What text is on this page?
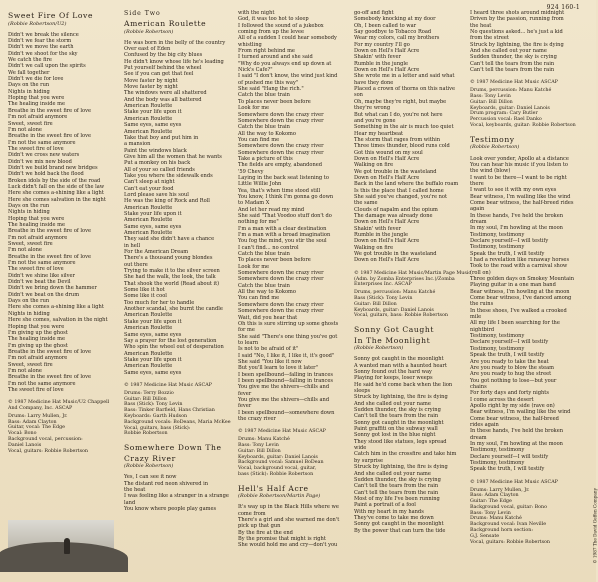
924 160-1
Sweet Fire Of Love
(Robbie Robertson/U2)
Didn't we break the silence
Didn't we fear the storm
Didn't we move the earth
Didn't we shoot for the sky
We catch the fire
Didn't we call upon the spirits
We fall together
Didn't we die for love
Days on the run
Nights in hiding
Hoping that you were
The healing inside me
Breathe in the sweet fire of love
I'm not afraid anymore
Sweet, sweet fire
I'm not alone
Breathe in the sweet fire of love
I'm not the same anymore
The sweet fire of love
Didn't we cross new waters
Didn't we mix new blood
Didn't we build brand new bridges
Didn't we hold back the flood
Broken idols by the side of the road
Luck didn't fall on the side of the law
Here she comes a-shining like a light
Here she comes salvation in the night
Days on the run
Nights in hiding
Hoping that you were
The healing inside me
Breathe in the sweet fire of love
I'm not afraid anymore
Sweet, sweet fire
I'm not alone
Breathe in the sweet fire of love
I'm not the same anymore
The sweet fire of love
Didn't we shine like silver
Didn't we beat the Devil
Didn't we bring down the hammer
Didn't we beat on the drum
Days on the run
Here she comes a-shining like a light
Nights in hiding
Here she comes, salvation in the night
Hoping that you were
I'm giving up the ghost
The healing inside me
I'm giving up the ghost
Breathe in the sweet fire of love
I'm not afraid anymore
Sweet, sweet fire
I'm not alone
Breathe in the sweet fire of love
I'm not the same anymore
The sweet fire of love
© 1987 Medicine Hat Music/U2 Chappell
And Company, Inc. ASCAP
Drums: Larry Mullen, Jr.
Bass: Adam Clayton
Guitar, vocal: The Edge
Vocal: Bono
Background vocal, percussion:
Daniel Lanois
Vocal, guitars: Robbie Robertson
Side Two
American Roulette
(Robbie Robertson)
He was born in the belly of the country
Over east of Eden
Confused by the big city blues
He didn't know whose life he's leading
Put yourself behind the wheel
See if you can get that feel
Move faster by night
Move faster by night
The windows were all shattered
And the body was all battered
American Roulette
Stake your life upon it
American Roulette
Same eyes, same eyes
American Roulette
Take that boy and put him in
a mansion
Paint the windows black
Give him all the women that he wants
Put a monkey on his back
All of your so called friends
Take you where the sidewalk ends
Can't sleep at night
Can't eat your food
Lord please save his soul
He was the king of Rock and Roll
American Roulette
Stake your life upon it
American Roulette
Same eyes, same eyes
American Roulette
They said she didn't have a chance
in hell
For the American Dream
There's a thousand young blondes
out there
Trying to make it to the silver screen
She had the walk, the look, the talk
That shook the world (Read about it)
Some like it hot
Some like it cool
Too much for her to handle
Another scandal, she burnt the candle
American Roulette
Stake your life upon it
American Roulette
Same eyes, same eyes
Say a prayer for the lost generation
Who spin the wheel out of desperation
American Roulette
Stake your life upon it
American Roulette
Same eyes, same eyes
© 1987 Medicine Hat Music ASCAP
Drums: Terry Bozzio
Guitar: Bill Dillon
Bass (Stick): Tony Levin
Bass: Tinker Barfield, Hans Christian
Keyboards: Garth Hudson
Background vocals: BoDeans, Maria McKee
Vocal, guitars, bass (Stick):
Robbie Robertson
Somewhere Down The
Crazy River
(Robbie Robertson)
Yes, I can see it now
The distant red neon shivered in
the heat
I was feeling like a stranger in a strange
land
You know where people play games
with the night
God, it was too hot to sleep
I followed the sound of a jukebox
coming from up the levee
All of a sudden I could hear somebody
whistling
From right behind me
I turned around and she said
"Why do you always end up down at
Nick's Cafe?"
I said "I don't know, the wind just kind
of pushed me this way"
She said "Hang the rich."
Catch the blue train
To places never been before
Look for me
Somewhere down the crazy river
Somewhere down the crazy river
Catch the blue train
All the way to Kokomo
You can find me
Somewhere down the crazy river
Somewhere down the crazy river
Take a picture of this
The fields are empty, abandoned
'59 Chevy
Laying in the back seat listening to
Little Willie John
Yea, that's when time stood still
You know, I think I'm gonna go down
to Madam X
And let her read my mind
She said "That Voodoo stuff don't do
nothing for me"
I'm a man with a clear destination
I'm a man with a broad imagination
You fog the mind, you stir the soul
I can't find... no control
Catch the blue train
To places never been before
Look for me
Somewhere down the crazy river
Somewhere down the crazy river
Catch the blue train
All the way to Kokomo
You can find me
Somewhere down the crazy river
Somewhere down the crazy river
Wait, did you hear that
Oh this is sure stirring up some ghosts
for me
She said "There's one thing you've got
to learn
Is not to be afraid of it"
I said "No, I like it, I like it, it's good"
She said "You like it now
But you'll learn to love it later"
I been spellbound—falling in trances
I been spellbound—falling in trances
You give me the shivers—chills and
fever
You give me the shivers—chills and
fever
I been spellbound—somewhere down
the crazy river
© 1987 Medicine Hat Music ASCAP
Drums: Manu Katché
Bass: Tony Levin
Guitar: Bill Dillon
Keyboards, guitar: Daniel Lanois
Background vocal: Samuel BoDean
Vocal, background vocal, guitar,
bass (Stick): Robbie Robertson
Hell's Half Acre
(Robbie Robertson/Martin Page)
It's way up in the Black Hills where we
come from
There's a girl and she warned me don't
pick up that gun
By the fire at the end
By the promise that might is right
She would hold me and cry—don't you
go-off and fight
Somebody knocking at my door
Oh, I been called to war
Say goodbye to Tobacco Road
Wear my colors, call my brothers
For my country I'll go
Down on Hell's Half Acre
Shakin' with fever
Rumble in the jungle
Down on Hell's Half Acre
She wrote me in a letter and said what
have they done
Placed a crown of thorns on this native
son
Oh, maybe they're right, but maybe
they're wrong
But what can I do, you're not here
and you're gone
Something in the air is much too quiet
Hear my heartbeat
The storm that rages from within
Three times thunder, blood runs cold
Got this wound on my soul
Down on Hell's Half Acre
Walking on fire
We got trouble in the wasteland
Down on Hell's Half Acre
Back in the land where the buffalo roam
Is this the place that I called home
She said you've changed, you're not
the same
Clouds of napalm and the opium
The damage was already done
Down on Hell's Half Acre
Shakin' with fever
Rumble in the jungle
Down on Hell's Half Acre
Walking on fire
We got trouble in the wasteland
Down on Hell's Half Acre
© 1987 Medicine Hat Music/Martin Page Music
(Adm. by Zomba Enterprises Inc.)/Zomba
Enterprises Inc. ASCAP
Drums, percussion: Manu Katché
Bass (Stick): Tony Levin
Guitar: Bill Dillon
Keyboards, guitar: Daniel Lanois
Vocal, guitars, bass: Robbie Robertson
Sonny Got Caught
In The Moonlight
(Robbie Robertson)
Sonny got caught in the moonlight
A wanted man with a haunted heart
Sonny found out the hard way
Playing for keeps, loser weeps
He said he'd come back when the lion
sleeps
Struck by lightning, the fire is dying
And she called out your name
Sudden thunder, the sky is crying
Can't tell the tears from the rain
Sonny got caught in the moonlight
Paint graffiti on the subway wall
Sonny got lost in the blue night
They stood like statues, legs spread
wide
Catch him in the crossfire and take him
by surprise
Struck by lightning, the fire is dying
And she called out your name
Sudden thunder, the sky is crying
Can't tell the tears from the rain
Can't tell the tears from the rain
Most of my life I've been running
Paint a portrait of a fool
With my heart in my hands
They've come to take me down
Sonny got caught in the moonlight
By the power that can turn the tide
I heard three shots around midnight
Driven by the passion, running from
the heat
No questions asked... he's just a kid
from the street
Struck by lightning, the fire is dying
And she called out your name
Sudden thunder, the sky is crying
Can't tell the tears from the rain
Can't tell the tears from the rain
© 1987 Medicine Hat Music ASCAP
Drums, percussion: Manu Katché
Bass: Tony Levin
Guitar: Bill Dillon
Keyboards, guitar: Daniel Lanois
Drum program: Cary Butler
Percussion vocal: Rael Danko
Vocal, keyboards, guitar: Robbie Robertson
Testimony
(Robbie Robertson)
Look over yonder, Apollo at a distance
You can hear his music if you listen to
the wind (blow)
I want to be there—I want to be right
there
I want to see it with my own eyes
Bear witness, I'm wailing like the wind
Come bear witness, the half-breed rides
again
In these hands, I've held the broken
dream
In my soul, I'm howling at the moon
Testimony, testimony
Declare yourself—I will testify
Testimony, testimony
Speak the truth, I will testify
I had a revelation like runaway horses
Took to the road with a carnival show
(roll on)
Three golden days on Smokey Mountain
Playing guitar in a one man band
Bear witness, I'm howling at the moon
Come bear witness, I've danced among
the ruins
In these shoes, I've walked a crooked
mile
All my life I been searching for the
nightbird
Testimony, testimony
Declare yourself—I will testify
Testimony, testimony
Speak the truth, I will testify
Are you ready to take the heat
Are you ready to blow the steam
Are you ready to hug the street
You got nothing to lose—but your
chains
For forty days and forty nights
I come across the desert
Apollo right by my side (rave on)
Bear witness, I'm wailing like the wind
Come bear witness, the half-breed
rides again
In these hands, I've held the broken
dream
In my soul, I'm howling at the moon
Testimony, testimony
Declare yourself—I will testify
Testimony, testimony
Speak the truth, I will testify
© 1987 Medicine Hat Music ASCAP
Drums: Larry Mullen, Jr.
Bass: Adam Clayton
Guitar: The Edge
Background vocal, guitar: Bono
Bass: Tony Levin
Drums: Manu Katché
Background vocal: Ivan Neville
Background horn section:
G.J. Sensate
Vocal, guitars: Robbie Robertson	© 1987 The David Geffen Company
